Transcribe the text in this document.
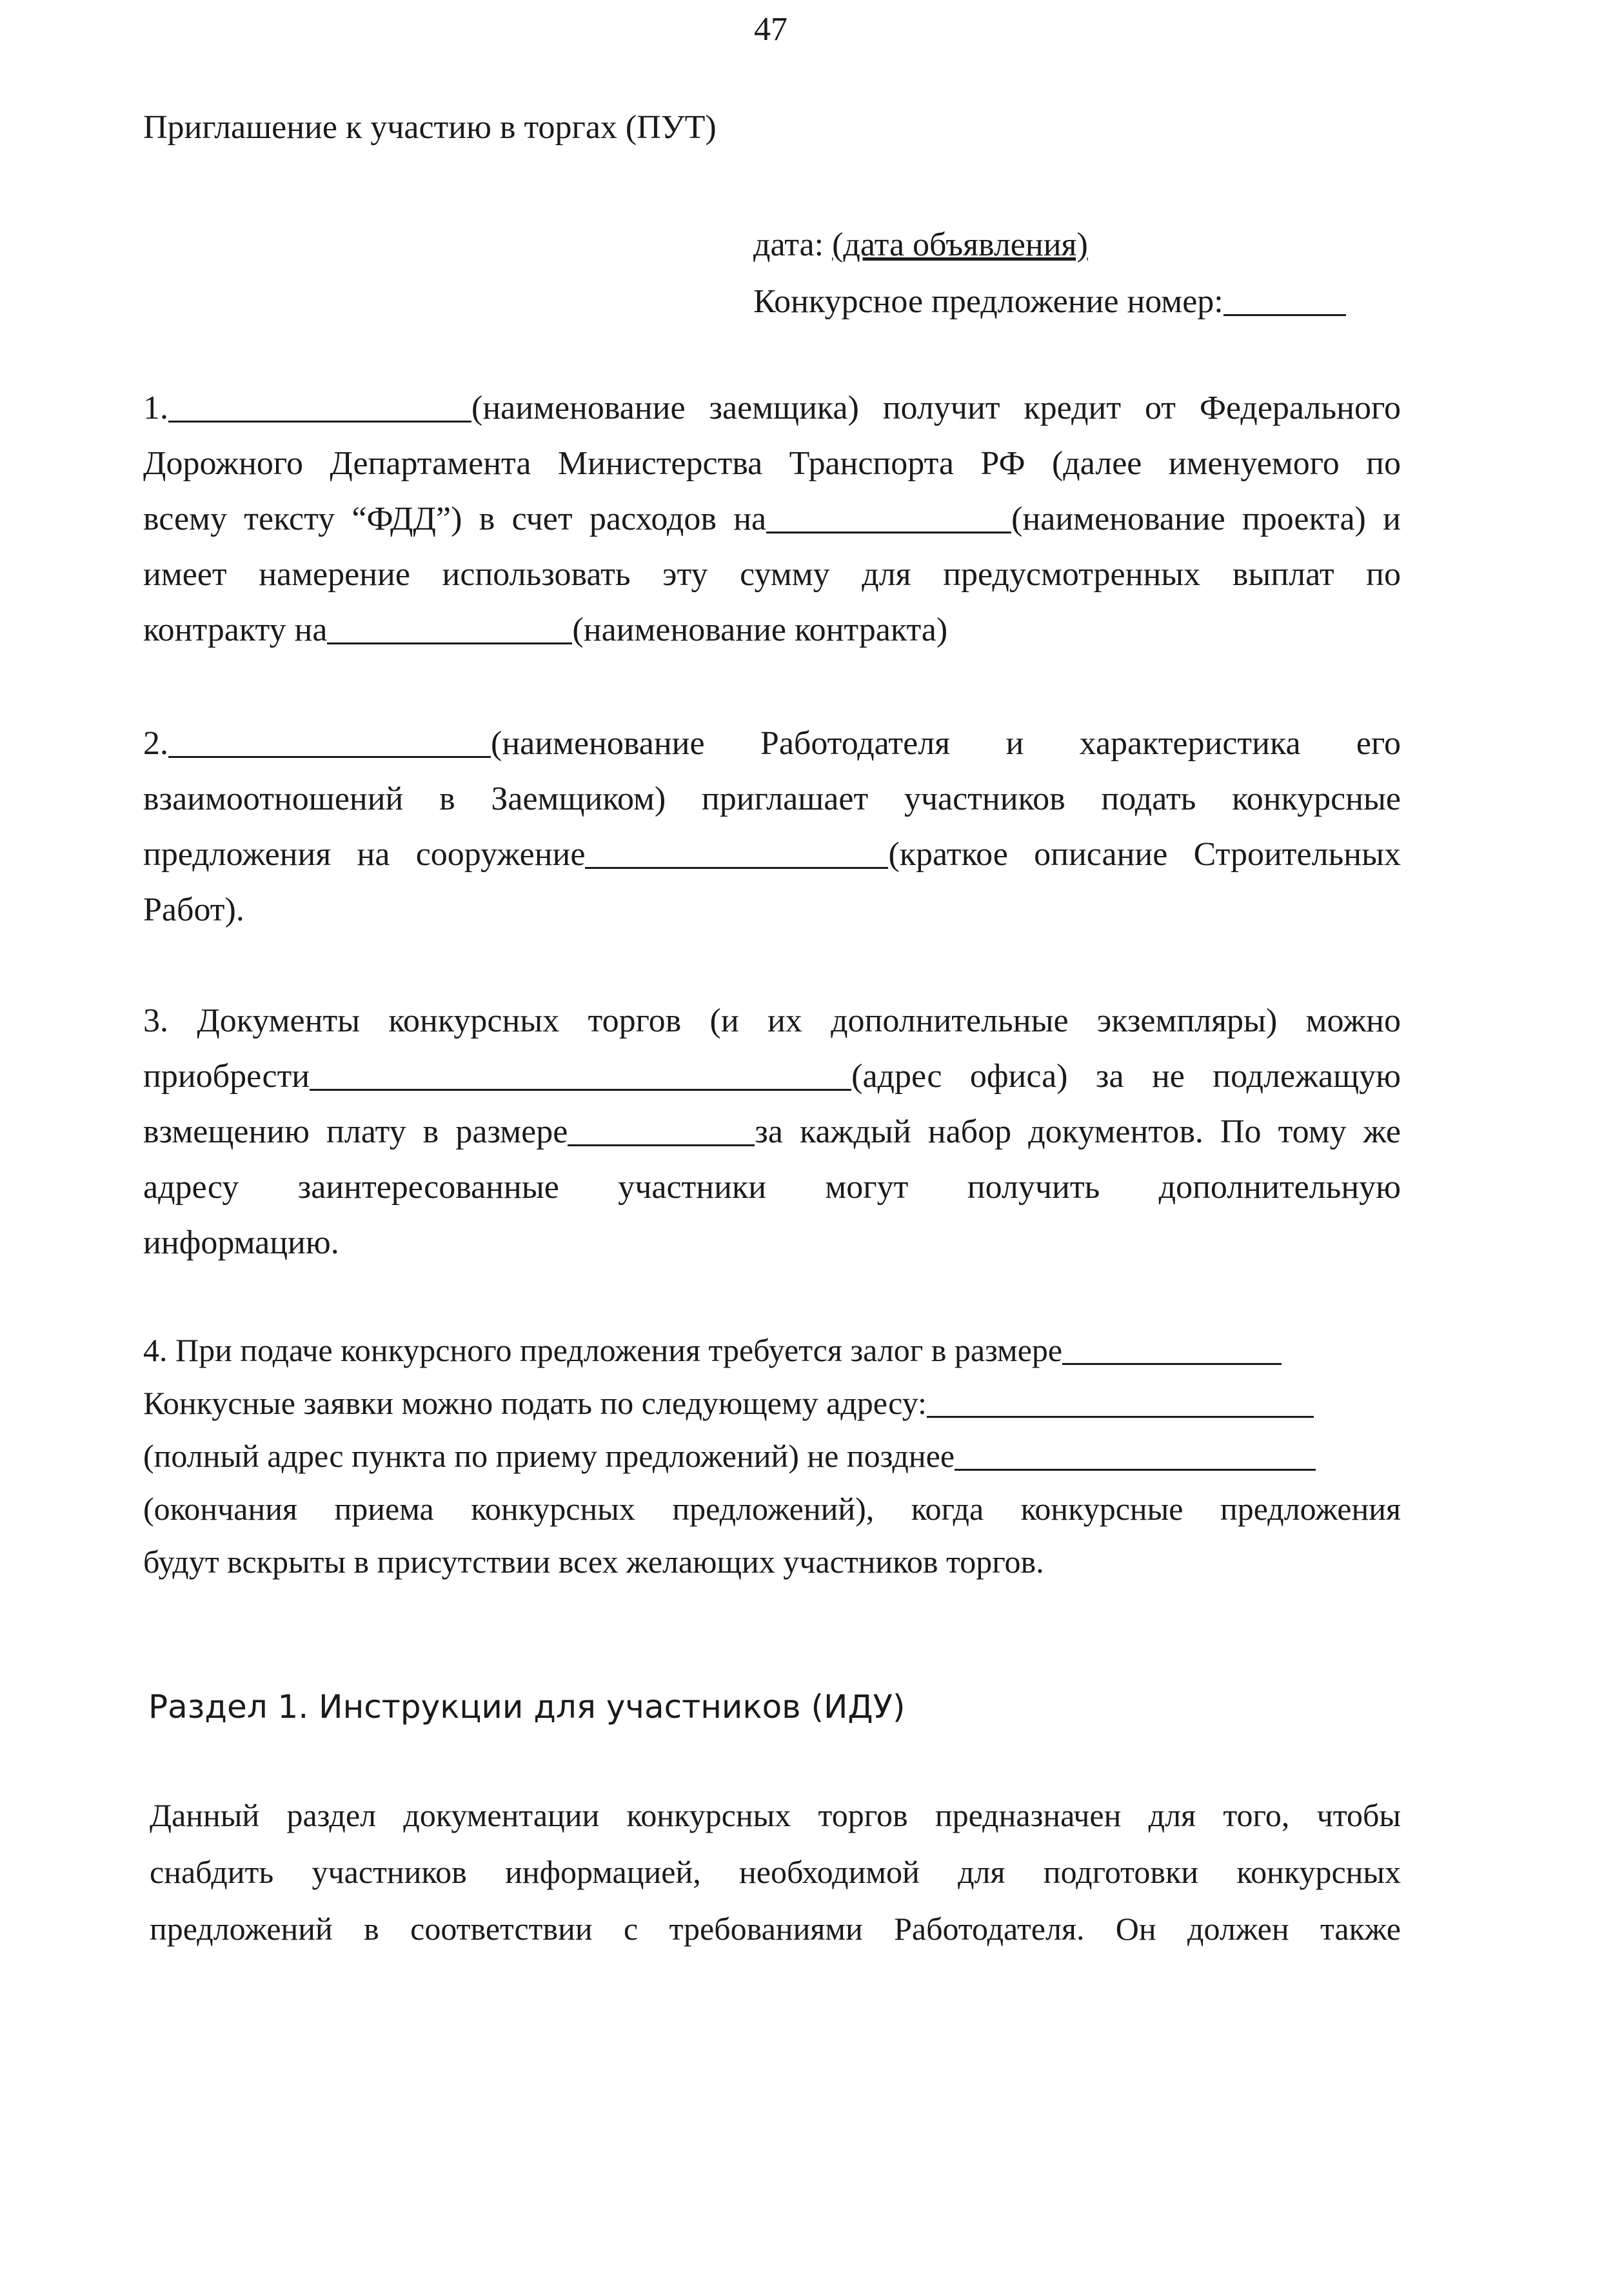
47
Приглашение к участию в торгах (ПУТ)
дата: (дата объявления)
Конкурсное предложение номер:
1.	(наименование заемщика) получит кредит от Федерального
Дорожного Департамента Министерства Транспорта РФ (далее именуемого по
всему тексту “ФДД”) в счет расходов на	(наименование проекта) и
имеет намерение использовать эту сумму для предусмотренных выплат по
контракту на	(наименование контракта)
2.	(наименование Работодателя и характеристика его
взаимоотношений в Заемщиком) приглашает участников подать конкурсные
предложения на сооружение	(краткое описание Строительных
Работ).
3. Документы конкурсных торгов (и их дополнительные экземпляры) можно
приобрести	(адрес офиса) за не подлежащую
взмещению плату в размере	за каждый набор документов. По тому же
адресу заинтересованные участники могут получить дополнительную
информацию.
4. При подаче конкурсного предложения требуется залог в размере
Конкусные заявки можно подать по следующему адресу:
(полный адрес пункта по приему предложений) не позднее
(окончания приема конкурсных предложений), когда конкурсные предложения
будут вскрыты в присутствии всех желающих участников торгов.
Раздел 1. Инструкции для участников (ИДУ)
Данный раздел документации конкурсных торгов предназначен для того, чтобы
снабдить участников информацией, необходимой для подготовки конкурсных
предложений в соответствии с требованиями Работодателя. Он должен также
